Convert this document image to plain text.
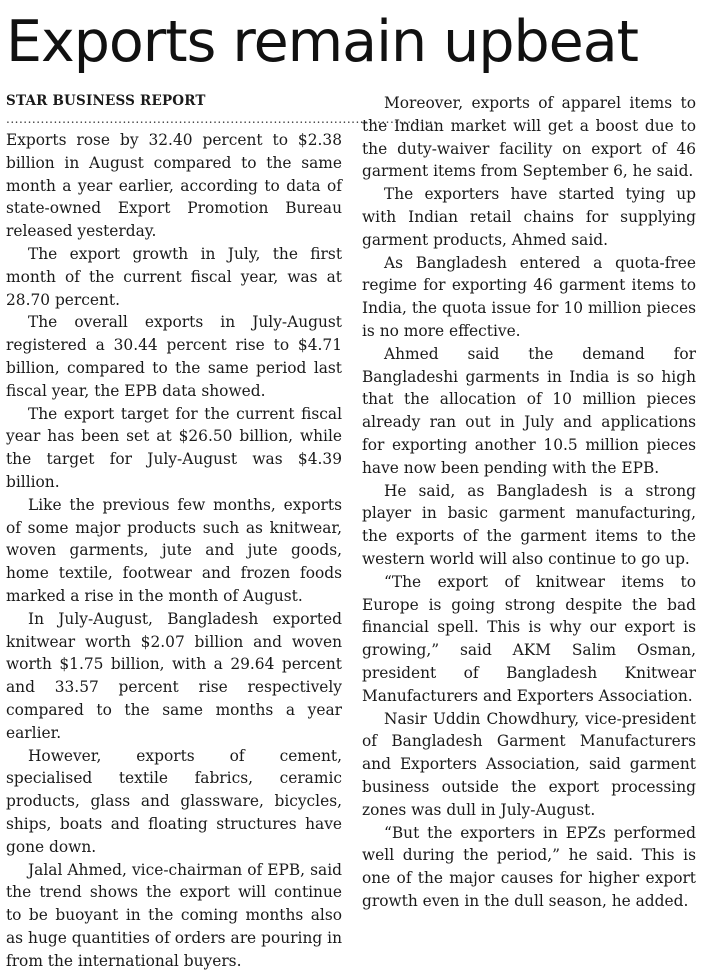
Exports remain upbeat
STAR BUSINESS REPORT
....................................................................................................

Exports rose by 32.40 percent to $2.38 billion in August compared to the same month a year earlier, according to data of state-owned Export Promotion Bureau released yesterday.

The export growth in July, the first month of the current fiscal year, was at 28.70 percent.

The overall exports in July-August registered a 30.44 percent rise to $4.71 billion, compared to the same period last fiscal year, the EPB data showed.

The export target for the current fiscal year has been set at $26.50 billion, while the target for July-August was $4.39 billion.

Like the previous few months, exports of some major products such as knitwear, woven garments, jute and jute goods, home textile, footwear and frozen foods marked a rise in the month of August.

In July-August, Bangladesh exported knitwear worth $2.07 billion and woven worth $1.75 billion, with a 29.64 percent and 33.57 percent rise respectively compared to the same months a year earlier.

However, exports of cement, specialised textile fabrics, ceramic products, glass and glassware, bicycles, ships, boats and floating structures have gone down.

Jalal Ahmed, vice-chairman of EPB, said the trend shows the export will continue to be buoyant in the coming months also as huge quantities of orders are pouring in from the international buyers.

Moreover, exports of apparel items to the Indian market will get a boost due to the duty-waiver facility on export of 46 garment items from September 6, he said.

The exporters have started tying up with Indian retail chains for supplying garment products, Ahmed said.

As Bangladesh entered a quota-free regime for exporting 46 garment items to India, the quota issue for 10 million pieces is no more effective.

Ahmed said the demand for Bangladeshi garments in India is so high that the allocation of 10 million pieces already ran out in July and applications for exporting another 10.5 million pieces have now been pending with the EPB.

He said, as Bangladesh is a strong player in basic garment manufacturing, the exports of the garment items to the western world will also continue to go up.

“The export of knitwear items to Europe is going strong despite the bad financial spell. This is why our export is growing,” said AKM Salim Osman, president of Bangladesh Knitwear Manufacturers and Exporters Association.

Nasir Uddin Chowdhury, vice-president of Bangladesh Garment Manufacturers and Exporters Association, said garment business outside the export processing zones was dull in July-August.

“But the exporters in EPZs performed well during the period,” he said. This is one of the major causes for higher export growth even in the dull season, he added.
